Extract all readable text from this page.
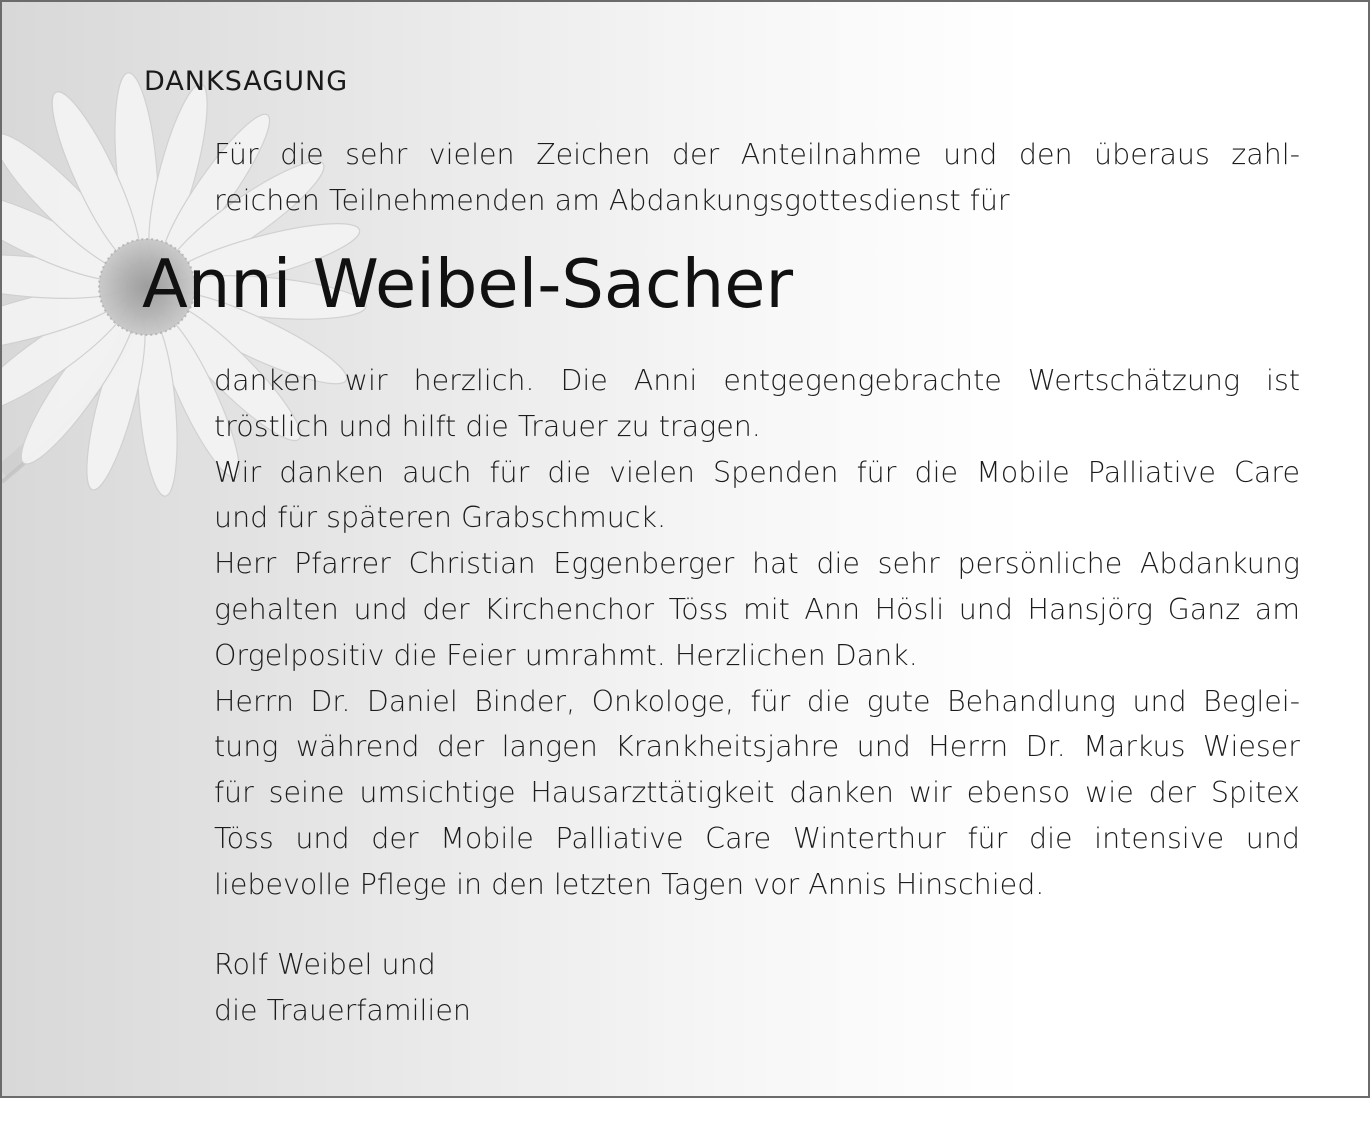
DANKSAGUNG
Für die sehr vielen Zeichen der Anteilnahme und den überaus zahl-
reichen Teilnehmenden am Abdankungsgottesdienst für
Anni Weibel-Sacher
danken wir herzlich. Die Anni entgegengebrachte Wertschätzung ist
tröstlich und hilft die Trauer zu tragen.
Wir danken auch für die vielen Spenden für die Mobile Palliative Care
und für späteren Grabschmuck.
Herr Pfarrer Christian Eggenberger hat die sehr persönliche Abdankung
gehalten und der Kirchenchor Töss mit Ann Hösli und Hansjörg Ganz am
Orgelpositiv die Feier umrahmt. Herzlichen Dank.
Herrn Dr. Daniel Binder, Onkologe, für die gute Behandlung und Beglei-
tung während der langen Krankheitsjahre und Herrn Dr. Markus Wieser
für seine umsichtige Hausarzttätigkeit danken wir ebenso wie der Spitex
Töss und der Mobile Palliative Care Winterthur für die intensive und
liebevolle Pflege in den letzten Tagen vor Annis Hinschied.
Rolf Weibel und
die Trauerfamilien
